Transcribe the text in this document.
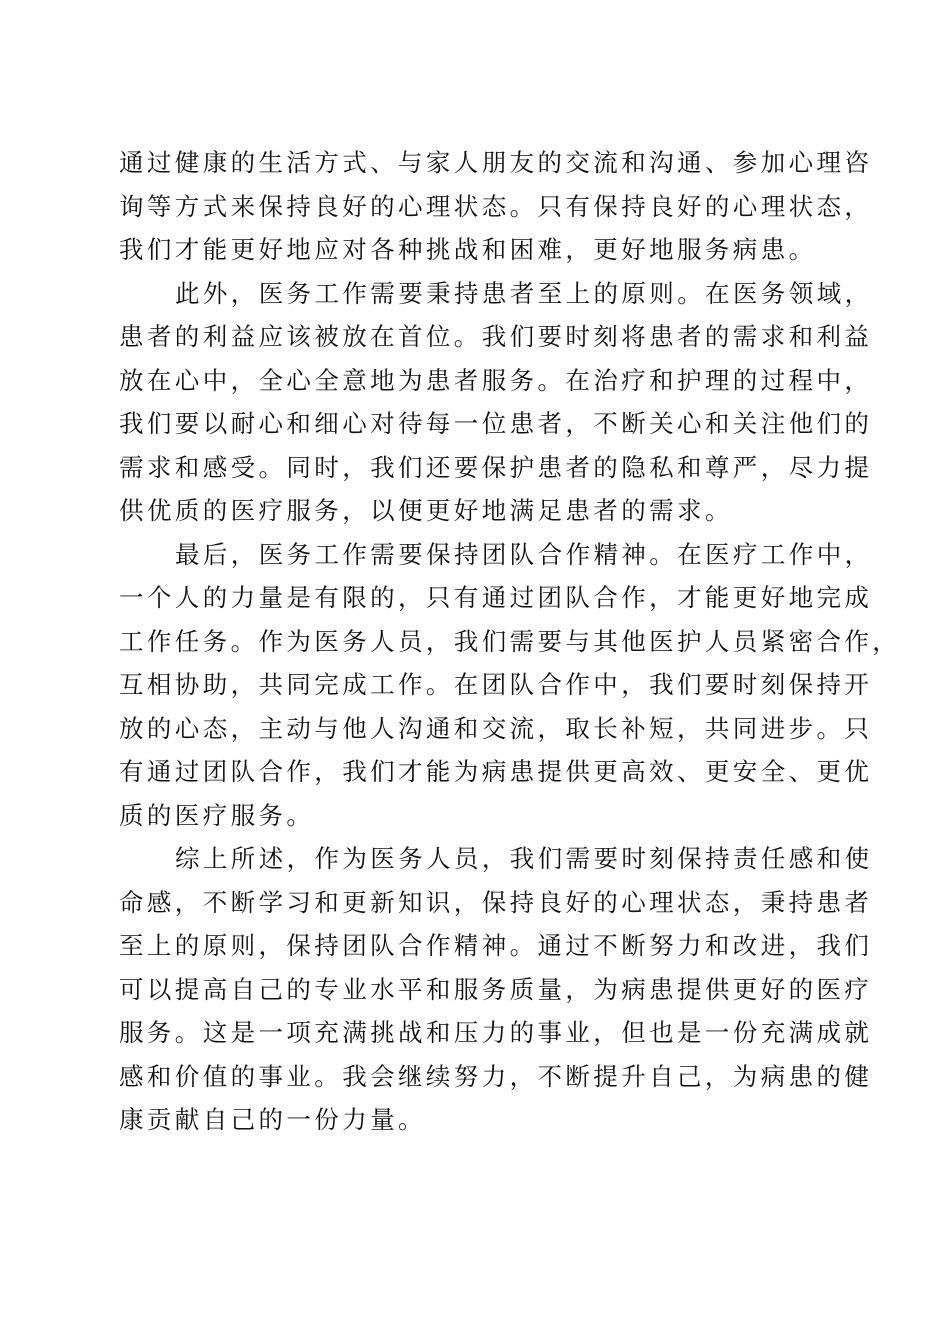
通过健康的生活方式、与家人朋友的交流和沟通、参加心理咨
询等方式来保持良好的心理状态。只有保持良好的心理状态，
我们才能更好地应对各种挑战和困难，更好地服务病患。
此外，医务工作需要秉持患者至上的原则。在医务领域，
患者的利益应该被放在首位。我们要时刻将患者的需求和利益
放在心中，全心全意地为患者服务。在治疗和护理的过程中，
我们要以耐心和细心对待每一位患者，不断关心和关注他们的
需求和感受。同时，我们还要保护患者的隐私和尊严，尽力提
供优质的医疗服务，以便更好地满足患者的需求。
最后，医务工作需要保持团队合作精神。在医疗工作中，
一个人的力量是有限的，只有通过团队合作，才能更好地完成
工作任务。作为医务人员，我们需要与其他医护人员紧密合作，
互相协助，共同完成工作。在团队合作中，我们要时刻保持开
放的心态，主动与他人沟通和交流，取长补短，共同进步。只
有通过团队合作，我们才能为病患提供更高效、更安全、更优
质的医疗服务。
综上所述，作为医务人员，我们需要时刻保持责任感和使
命感，不断学习和更新知识，保持良好的心理状态，秉持患者
至上的原则，保持团队合作精神。通过不断努力和改进，我们
可以提高自己的专业水平和服务质量，为病患提供更好的医疗
服务。这是一项充满挑战和压力的事业，但也是一份充满成就
感和价值的事业。我会继续努力，不断提升自己，为病患的健
康贡献自己的一份力量。
